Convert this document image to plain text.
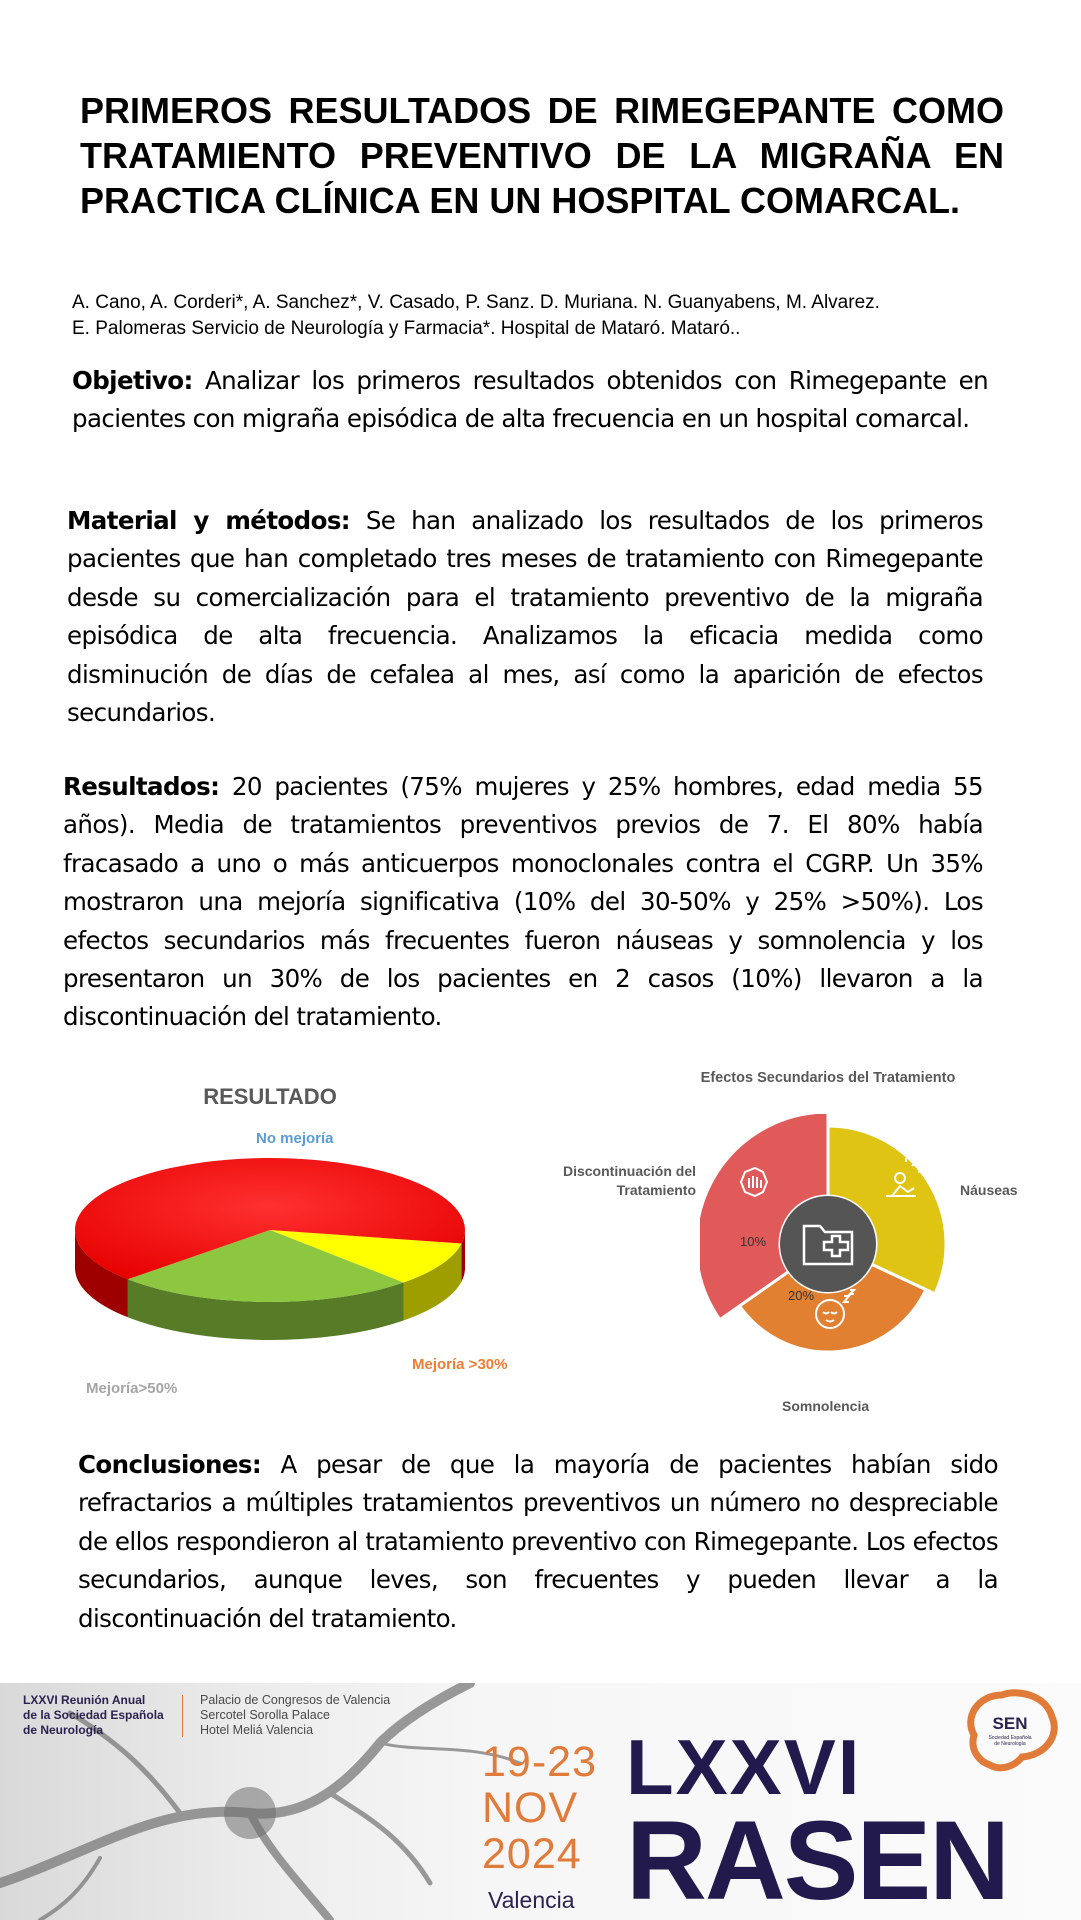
PRIMEROS RESULTADOS DE RIMEGEPANTE COMO TRATAMIENTO PREVENTIVO DE LA MIGRAÑA EN PRACTICA CLÍNICA EN UN HOSPITAL COMARCAL.
A. Cano, A. Corderi*, A. Sanchez*, V. Casado, P. Sanz. D. Muriana. N. Guanyabens, M. Alvarez.
E. Palomeras Servicio de Neurología y Farmacia*. Hospital de Mataró. Mataró..

Objetivo: Analizar los primeros resultados obtenidos con Rimegepante en pacientes con migraña episódica de alta frecuencia en un hospital comarcal.

Material y métodos: Se han analizado los resultados de los primeros pacientes que han completado tres meses de tratamiento con Rimegepante desde su comercialización para el tratamiento preventivo de la migraña episódica de alta frecuencia. Analizamos la eficacia medida como disminución de días de cefalea al mes, así como la aparición de efectos secundarios.

Resultados: 20 pacientes (75% mujeres y 25% hombres, edad media 55 años). Media de tratamientos preventivos previos de 7. El 80% había fracasado a uno o más anticuerpos monoclonales contra el CGRP. Un 35% mostraron una mejoría significativa (10% del 30-50% y 25% >50%). Los efectos secundarios más frecuentes fueron náuseas y somnolencia y los presentaron un 30% de los pacientes en 2 casos (10%) llevaron a la discontinuación del tratamiento.

RESULTADO
No mejoría
Mejoría >30%
Mejoría>50%
Efectos Secundarios del Tratamiento
20%
10%
Discontinuación del Tratamiento	Náuseas
Somnolencia

Conclusiones: A pesar de que la mayoría de pacientes habían sido refractarios a múltiples tratamientos preventivos un número no despreciable de ellos respondieron al tratamiento preventivo con Rimegepante. Los efectos secundarios, aunque leves, son frecuentes y pueden llevar a la discontinuación del tratamiento.

LXXVI Reunión Anual
de la Sociedad Española
de Neurología
Palacio de Congresos de Valencia
Sercotel Sorolla Palace
Hotel Meliá Valencia
19-23
NOV
2024
Valencia
LXXVI
RASEN
SEN
Sociedad Española
de Neurología
